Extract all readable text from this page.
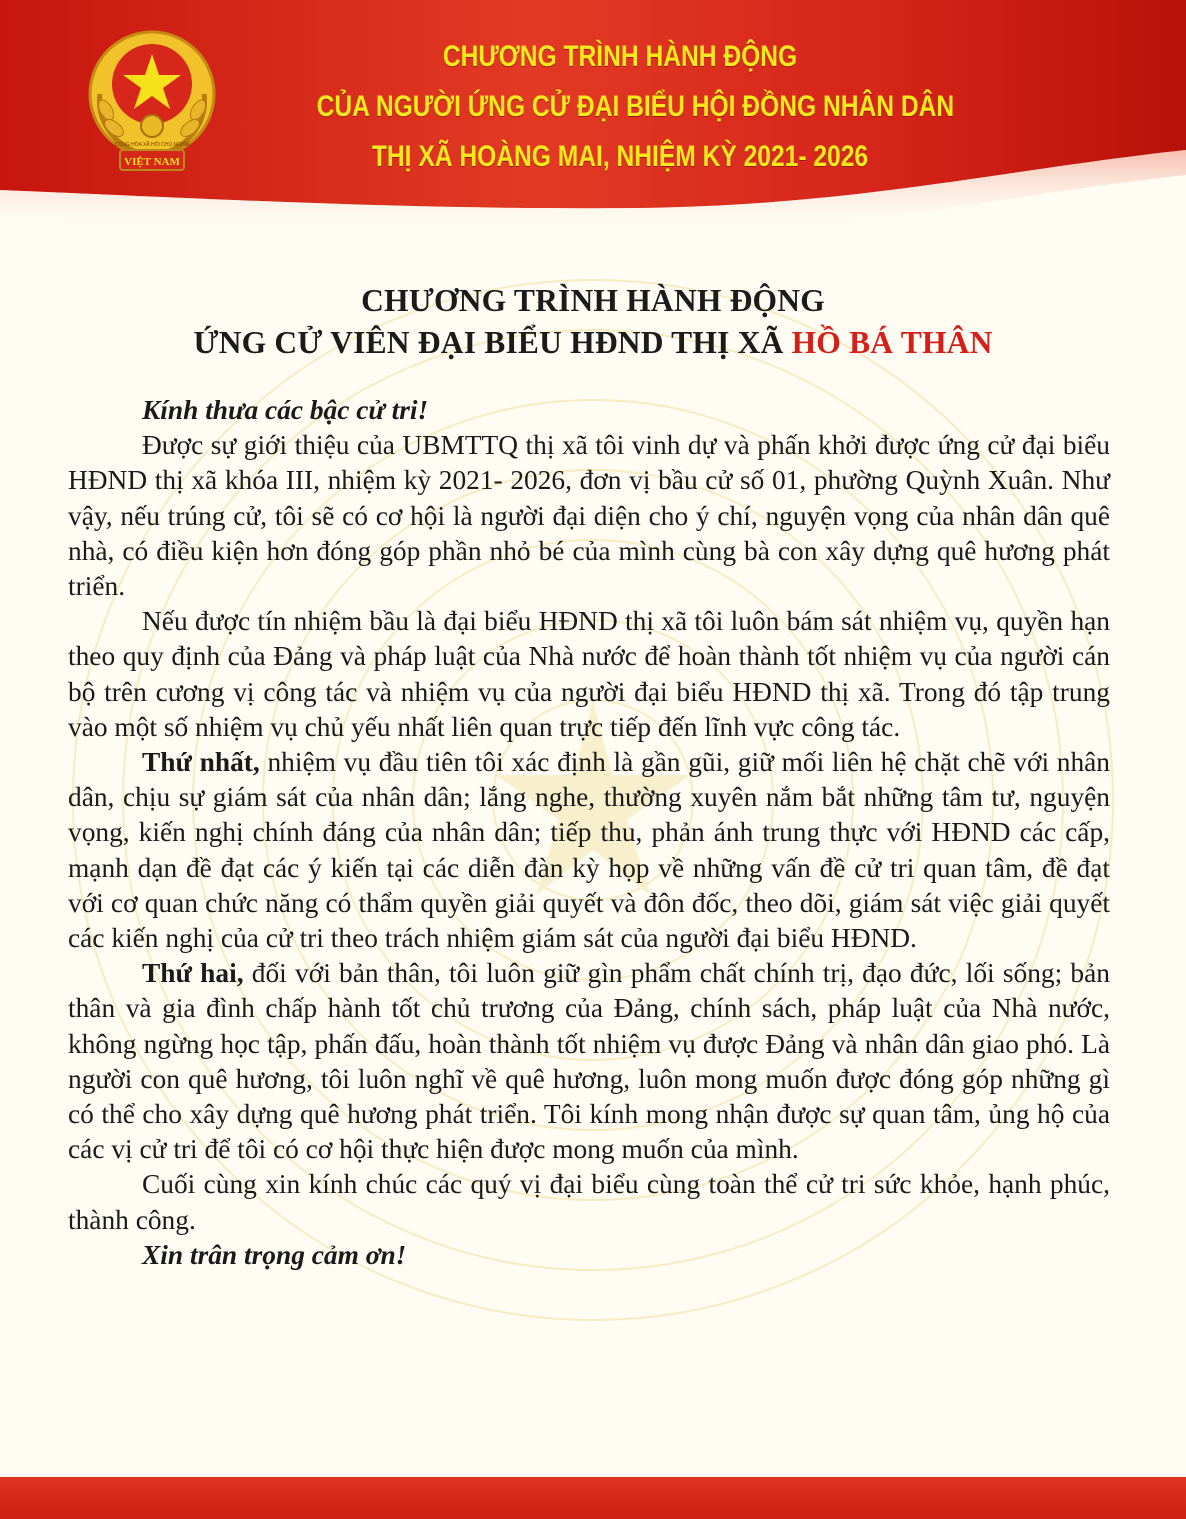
CỘNG HÒA XÃ HỘI CHỦ NGHĨA
VIỆT NAM
CHƯƠNG TRÌNH HÀNH ĐỘNG
CỦA NGƯỜI ỨNG CỬ ĐẠI BIỂU HỘI ĐỒNG NHÂN DÂN
THỊ XÃ HOÀNG MAI, NHIỆM KỲ 2021- 2026
CHƯƠNG TRÌNH HÀNH ĐỘNG
ỨNG CỬ VIÊN ĐẠI BIỂU HĐND THỊ XÃ HỒ BÁ THÂN

Kính thưa các bậc cử tri!

Được sự giới thiệu của UBMTTQ thị xã tôi vinh dự và phấn khởi được ứng cử đại biểu HĐND thị xã khóa III, nhiệm kỳ 2021- 2026, đơn vị bầu cử số 01, phường Quỳnh Xuân. Như vậy, nếu trúng cử, tôi sẽ có cơ hội là người đại diện cho ý chí, nguyện vọng của nhân dân quê nhà, có điều kiện hơn đóng góp phần nhỏ bé của mình cùng bà con xây dựng quê hương phát triển.

Nếu được tín nhiệm bầu là đại biểu HĐND thị xã tôi luôn bám sát nhiệm vụ, quyền hạn theo quy định của Đảng và pháp luật của Nhà nước để hoàn thành tốt nhiệm vụ của người cán bộ trên cương vị công tác và nhiệm vụ của người đại biểu HĐND thị xã. Trong đó tập trung vào một số nhiệm vụ chủ yếu nhất liên quan trực tiếp đến lĩnh vực công tác.

Thứ nhất, nhiệm vụ đầu tiên tôi xác định là gần gũi, giữ mối liên hệ chặt chẽ với nhân dân, chịu sự giám sát của nhân dân; lắng nghe, thường xuyên nắm bắt những tâm tư, nguyện vọng, kiến nghị chính đáng của nhân dân; tiếp thu, phản ánh trung thực với HĐND các cấp, mạnh dạn đề đạt các ý kiến tại các diễn đàn kỳ họp về những vấn đề cử tri quan tâm, đề đạt với cơ quan chức năng có thẩm quyền giải quyết và đôn đốc, theo dõi, giám sát việc giải quyết các kiến nghị của cử tri theo trách nhiệm giám sát của người đại biểu HĐND.

Thứ hai, đối với bản thân, tôi luôn giữ gìn phẩm chất chính trị, đạo đức, lối sống; bản thân và gia đình chấp hành tốt chủ trương của Đảng, chính sách, pháp luật của Nhà nước, không ngừng học tập, phấn đấu, hoàn thành tốt nhiệm vụ được Đảng và nhân dân giao phó. Là người con quê hương, tôi luôn nghĩ về quê hương, luôn mong muốn được đóng góp những gì có thể cho xây dựng quê hương phát triển. Tôi kính mong nhận được sự quan tâm, ủng hộ của các vị cử tri để tôi có cơ hội thực hiện được mong muốn của mình.

Cuối cùng xin kính chúc các quý vị đại biểu cùng toàn thể cử tri sức khỏe, hạnh phúc, thành công.

Xin trân trọng cảm ơn!
